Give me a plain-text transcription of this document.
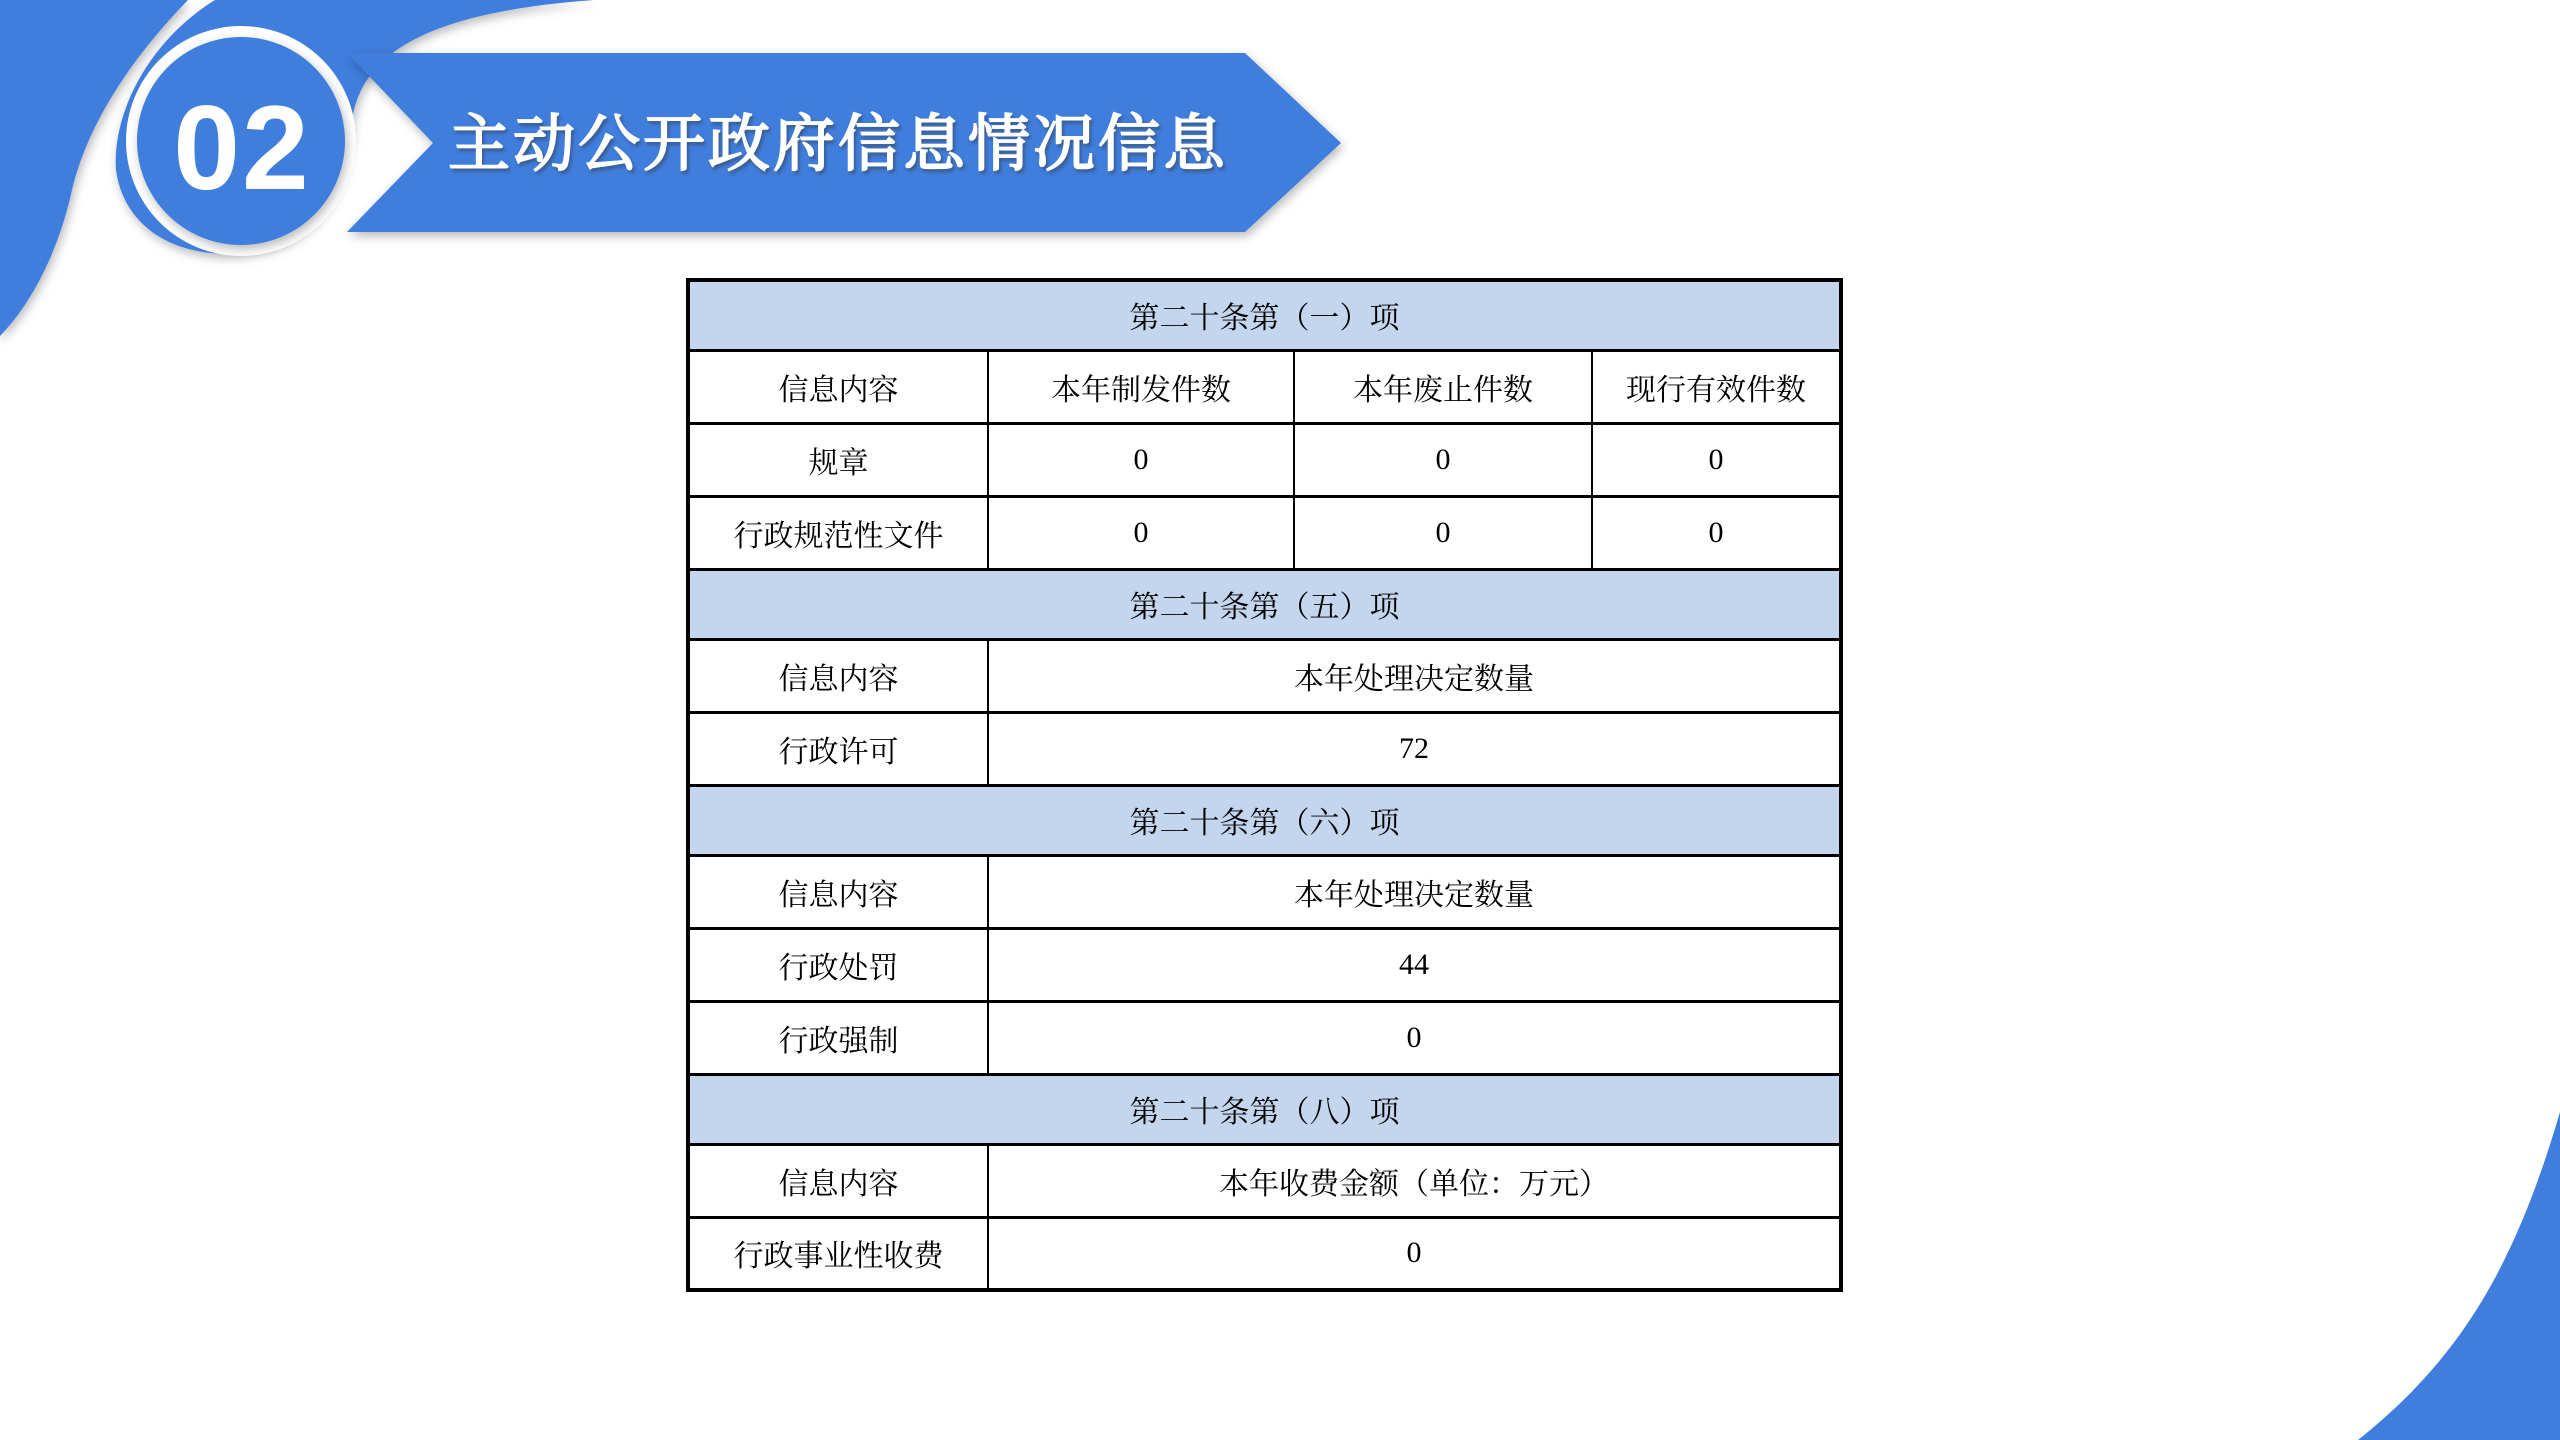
02	主动公开政府信息情况信息
第二十条第（一）项			
信息内容	本年制发件数	本年废止件数	现行有效件数
规章	0	0	0
行政规范性文件	0	0	0
第二十条第（五）项			
信息内容	本年处理决定数量		
行政许可	72		
第二十条第（六）项			
信息内容	本年处理决定数量		
行政处罚	44		
行政强制	0		
第二十条第（八）项			
信息内容	本年收费金额（单位：万元）		
行政事业性收费	0		
